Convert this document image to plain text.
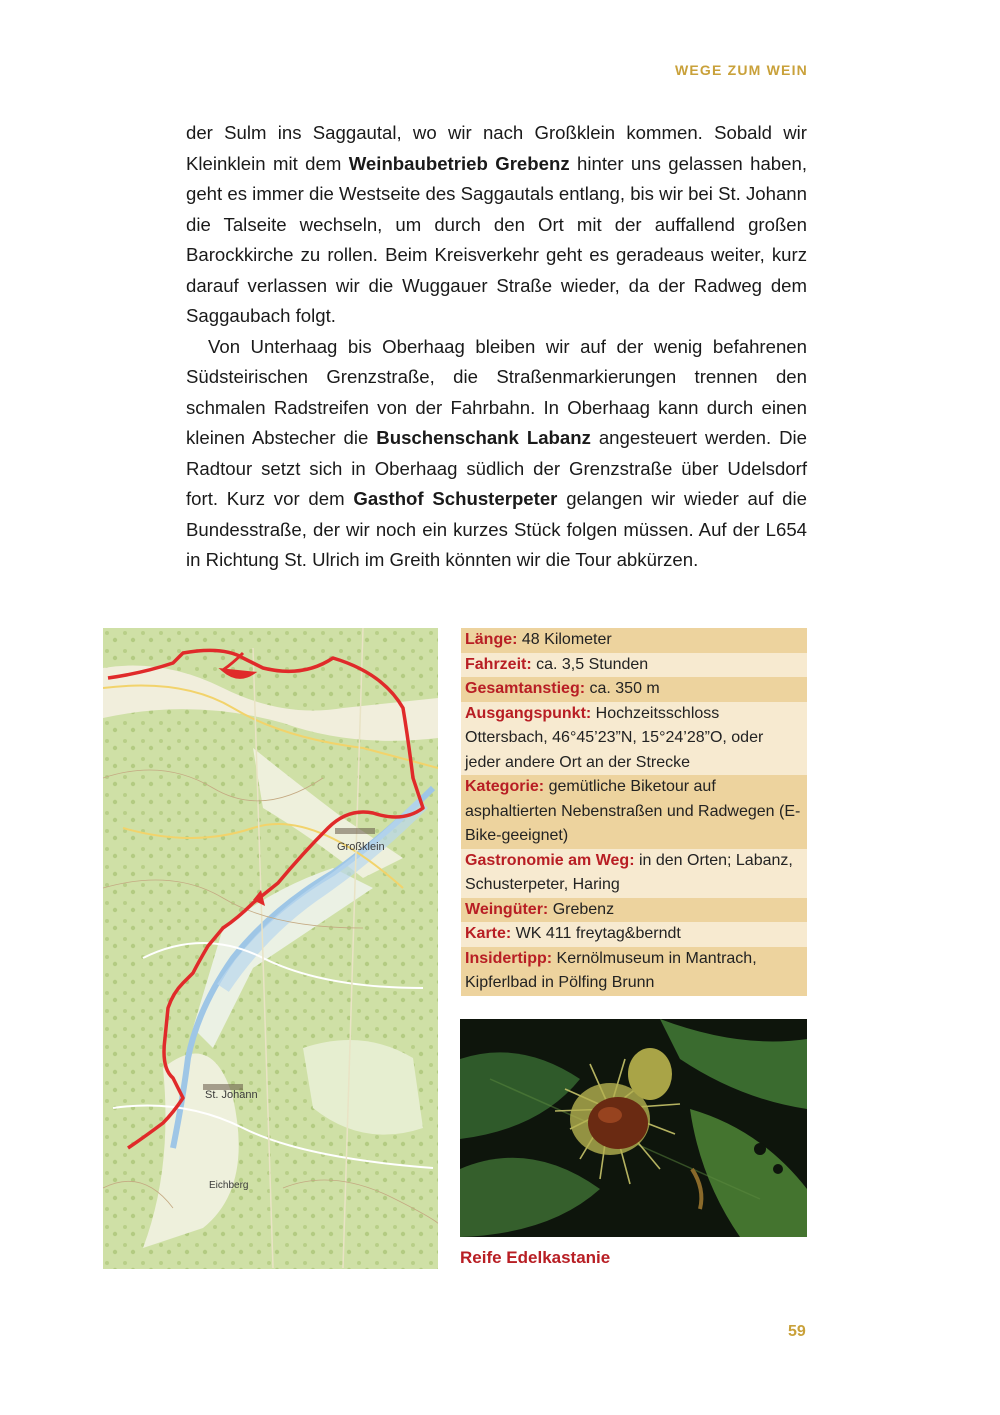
WEGE ZUM WEIN

der Sulm ins Saggautal, wo wir nach Großklein kommen. Sobald wir Kleinklein mit dem Weinbaubetrieb Grebenz hinter uns gelassen haben, geht es immer die Westseite des Saggautals entlang, bis wir bei St. Johann die Talseite wechseln, um durch den Ort mit der auffallend großen Barockkirche zu rollen. Beim Kreisverkehr geht es geradeaus weiter, kurz darauf verlassen wir die Wuggauer Straße wieder, da der Radweg dem Saggaubach folgt.

Von Unterhaag bis Oberhaag bleiben wir auf der wenig befahrenen Südsteirischen Grenzstraße, die Straßenmarkierungen trennen den schmalen Radstreifen von der Fahrbahn. In Oberhaag kann durch einen kleinen Abstecher die Buschenschank Labanz angesteuert werden. Die Radtour setzt sich in Oberhaag südlich der Grenzstraße über Udelsdorf fort. Kurz vor dem Gasthof Schusterpeter gelangen wir wieder auf die Bundesstraße, der wir noch ein kurzes Stück folgen müssen. Auf der L654 in Richtung St. Ulrich im Greith könnten wir die Tour abkürzen.

Großklein
St. Johann
Eichberg
Länge: 48 Kilometer
Fahrzeit: ca. 3,5 Stunden
Gesamtanstieg: ca. 350 m
Ausgangspunkt: Hochzeitsschloss Ottersbach, 46°45’23”N, 15°24’28”O, oder jeder andere Ort an der Strecke
Kategorie: gemütliche Biketour auf asphaltierten Nebenstraßen und Radwegen (E-Bike-geeignet)
Gastronomie am Weg: in den Orten; Labanz, Schusterpeter, Haring
Weingüter: Grebenz
Karte: WK 411 freytag&berndt
Insidertipp: Kernölmuseum in Mantrach, Kipferlbad in Pölfing Brunn
Reife Edelkastanie
59
